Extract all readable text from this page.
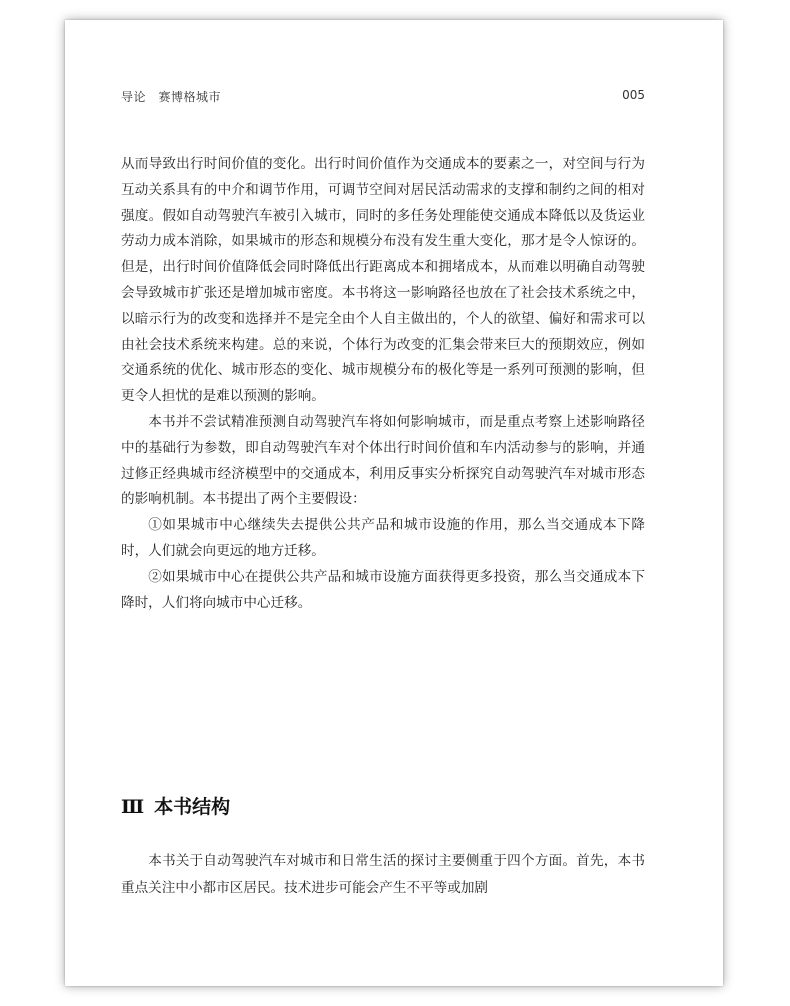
导论　赛博格城市	005

从而导致出行时间价值的变化。出行时间价值作为交通成本的要素之一，对空间与行为互动关系具有的中介和调节作用，可调节空间对居民活动需求的支撑和制约之间的相对强度。假如自动驾驶汽车被引入城市，同时的多任务处理能使交通成本降低以及货运业劳动力成本消除，如果城市的形态和规模分布没有发生重大变化，那才是令人惊讶的。但是，出行时间价值降低会同时降低出行距离成本和拥堵成本，从而难以明确自动驾驶会导致城市扩张还是增加城市密度。本书将这一影响路径也放在了社会技术系统之中，以暗示行为的改变和选择并不是完全由个人自主做出的，个人的欲望、偏好和需求可以由社会技术系统来构建。总的来说，个体行为改变的汇集会带来巨大的预期效应，例如交通系统的优化、城市形态的变化、城市规模分布的极化等是一系列可预测的影响，但更令人担忧的是难以预测的影响。

本书并不尝试精准预测自动驾驶汽车将如何影响城市，而是重点考察上述影响路径中的基础行为参数，即自动驾驶汽车对个体出行时间价值和车内活动参与的影响，并通过修正经典城市经济模型中的交通成本，利用反事实分析探究自动驾驶汽车对城市形态的影响机制。本书提出了两个主要假设：

①如果城市中心继续失去提供公共产品和城市设施的作用，那么当交通成本下降时，人们就会向更远的地方迁移。

②如果城市中心在提供公共产品和城市设施方面获得更多投资，那么当交通成本下降时，人们将向城市中心迁移。

Ⅲ 本书结构

本书关于自动驾驶汽车对城市和日常生活的探讨主要侧重于四个方面。首先，本书重点关注中小都市区居民。技术进步可能会产生不平等或加剧
